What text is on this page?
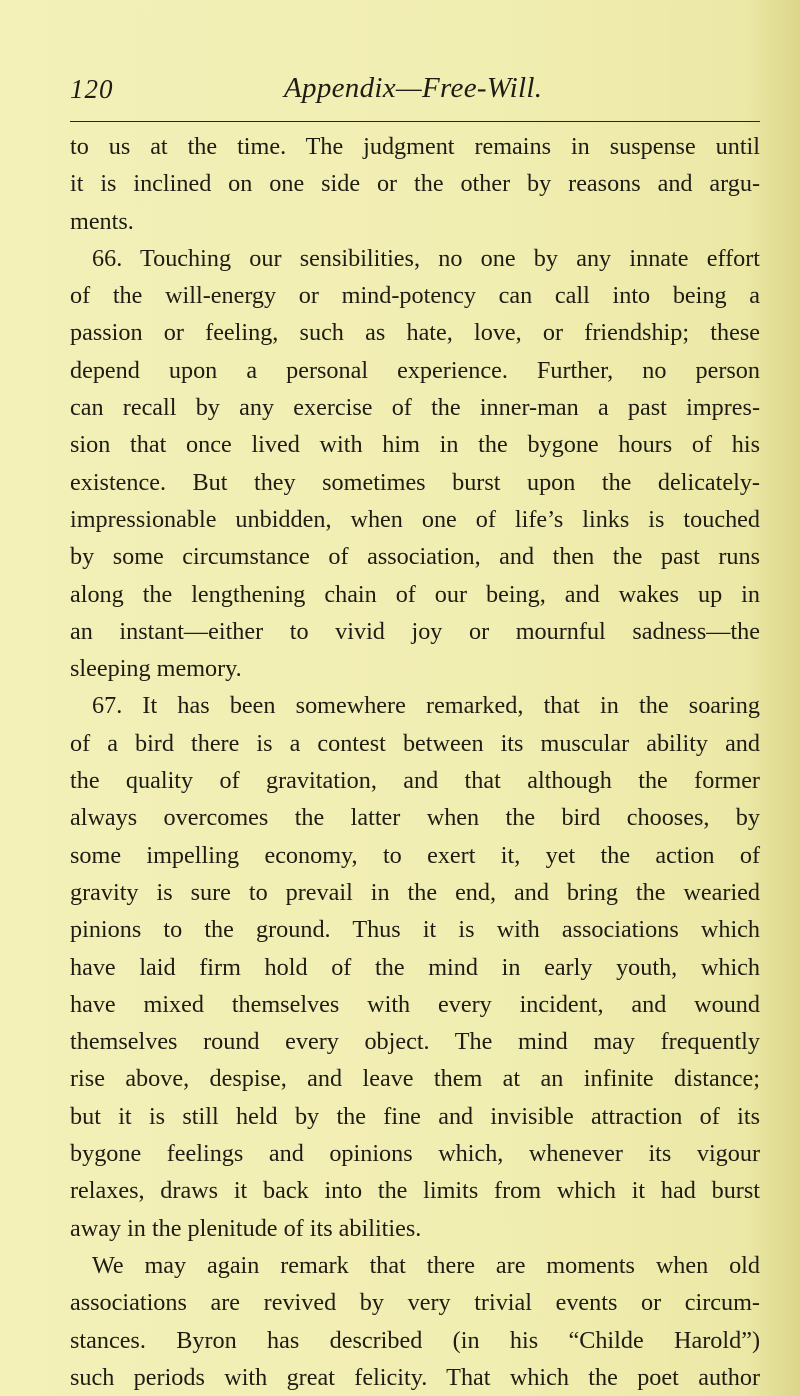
120	Appendix—Free-Will.
to us at the time. The judgment remains in suspense until
it is inclined on one side or the other by reasons and argu-
ments.
66. Touching our sensibilities, no one by any innate effort
of the will-energy or mind-potency can call into being a
passion or feeling, such as hate, love, or friendship; these
depend upon a personal experience. Further, no person
can recall by any exercise of the inner-man a past impres-
sion that once lived with him in the bygone hours of his
existence. But they sometimes burst upon the delicately-
impressionable unbidden, when one of life’s links is touched
by some circumstance of association, and then the past runs
along the lengthening chain of our being, and wakes up in
an instant—either to vivid joy or mournful sadness—the
sleeping memory.
67. It has been somewhere remarked, that in the soaring
of a bird there is a contest between its muscular ability and
the quality of gravitation, and that although the former
always overcomes the latter when the bird chooses, by
some impelling economy, to exert it, yet the action of
gravity is sure to prevail in the end, and bring the wearied
pinions to the ground. Thus it is with associations which
have laid firm hold of the mind in early youth, which
have mixed themselves with every incident, and wound
themselves round every object. The mind may frequently
rise above, despise, and leave them at an infinite distance;
but it is still held by the fine and invisible attraction of its
bygone feelings and opinions which, whenever its vigour
relaxes, draws it back into the limits from which it had burst
away in the plenitude of its abilities.
We may again remark that there are moments when old
associations are revived by very trivial events or circum-
stances. Byron has described (in his “Childe Harold”)
such periods with great felicity. That which the poet author
